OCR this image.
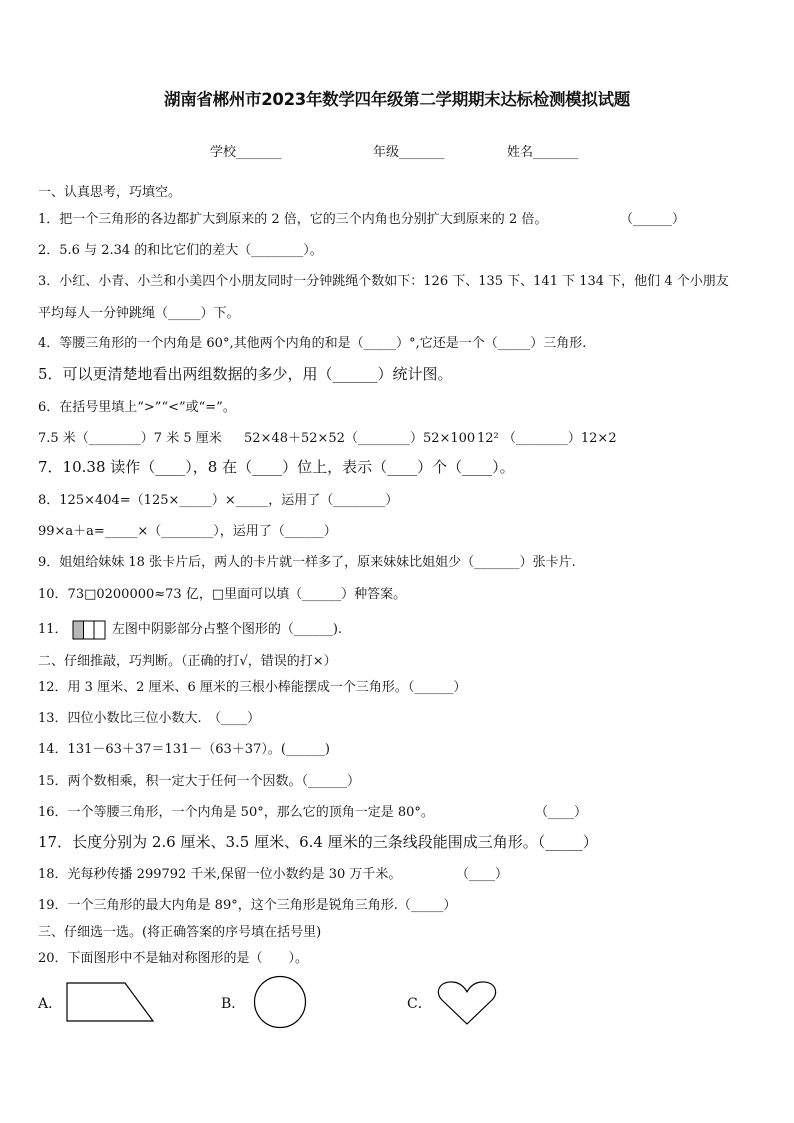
湖南省郴州市2023年数学四年级第二学期期末达标检测模拟试题
学校_______	年级_______	姓名_______
一、认真思考，巧填空。
1．把一个三角形的各边都扩大到原来的 2 倍，它的三个内角也分别扩大到原来的 2 倍。	（______）
2．5.6 与 2.34 的和比它们的差大（________）。
3．小红、小青、小兰和小美四个小朋友同时一分钟跳绳个数如下：126 下、135 下、141 下 134 下，他们 4 个小朋友
平均每人一分钟跳绳（_____）下。
4．等腰三角形的一个内角是 60°,其他两个内角的和是（_____）°,它还是一个（_____）三角形.
5．可以更清楚地看出两组数据的多少，用（______）统计图。
6．在括号里填上“>”“<”或“=”。
7.5 米（________）7 米 5 厘米 52×48＋52×52（________）52×100 12² （________）12×2
7．10.38 读作（____），8 在（____）位上，表示（____）个（____）。
8．125×404=（125×_____）×_____，运用了（________）
99×a＋a=_____×（________），运用了（______）
9．姐姐给妹妹 18 张卡片后，两人的卡片就一样多了，原来妹妹比姐姐少（_______）张卡片.
10．73□0200000≈73 亿，□里面可以填（______）种答案。
11．	左图中阴影部分占整个图形的（______).
二、仔细推敲，巧判断。（正确的打√，错误的打×）
12．用 3 厘米、2 厘米、6 厘米的三根小棒能摆成一个三角形。（______）
13．四位小数比三位小数大.　（____）
14．131－63＋37＝131－（63＋37）。(______)
15．两个数相乘，积一定大于任何一个因数。（______）
16．一个等腰三角形，一个内角是 50°，那么它的顶角一定是 80°。	（____）
17．长度分别为 2.6 厘米、3.5 厘米、6.4 厘米的三条线段能围成三角形。（_____）
18．光每秒传播 299792 千米,保留一位小数约是 30 万千米。	（____）
19．一个三角形的最大内角是 89°，这个三角形是锐角三角形.（_____）
三、仔细选一选。(将正确答案的序号填在括号里)
20．下面图形中不是轴对称图形的是（　　）。
A．	B．	C．
